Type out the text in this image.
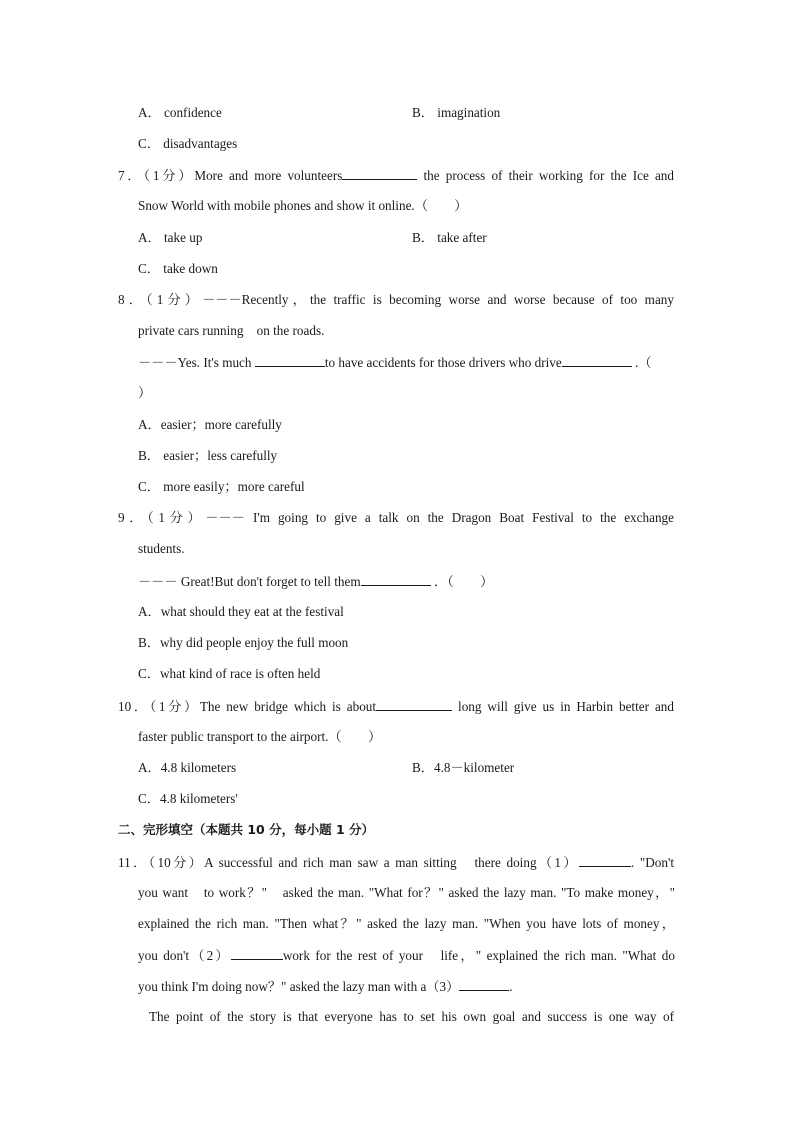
A． confidence	B． imagination
C． disadvantages
7．（1分）More and more volunteers	the process of their working for the Ice and
Snow World with mobile phones and show it online.（　　）
A． take up	B． take after
C． take down
8．（1分）－－－Recently，the traffic is becoming worse and worse because of too many
private cars running　on the roads.
－－－Yes. It's much	to have accidents for those drivers who drive	.（
）
A．easier；more carefully
B． easier；less carefully
C． more easily；more careful
9．（1分）－－－ I'm going to give a talk on the Dragon Boat Festival to the exchange
students.
－－－ Great!But don't forget to tell them	．（　　）
A．what should they eat at the festival
B．why did people enjoy the full moon
C．what kind of race is often held
10．（1分）The new bridge which is about	long will give us in Harbin better and
faster public transport to the airport.（　　）
A．4.8 kilometers	B．4.8－kilometer
C．4.8 kilometers'
二、完形填空（本题共 10 分，每小题 1 分）
11．（10分）A successful and rich man saw a man sitting　there doing（1）	. "Don't
you want　to work？"　asked the man. "What for？" asked the lazy man. "To make money，"
explained the rich man. "Then what？" asked the lazy man. "When you have lots of money，
you don't（2）	work for the rest of your　life，" explained the rich man. "What do
you think I'm doing now？" asked the lazy man with a（3）	.
The point of the story is that everyone has to set his own goal and success is one way of
